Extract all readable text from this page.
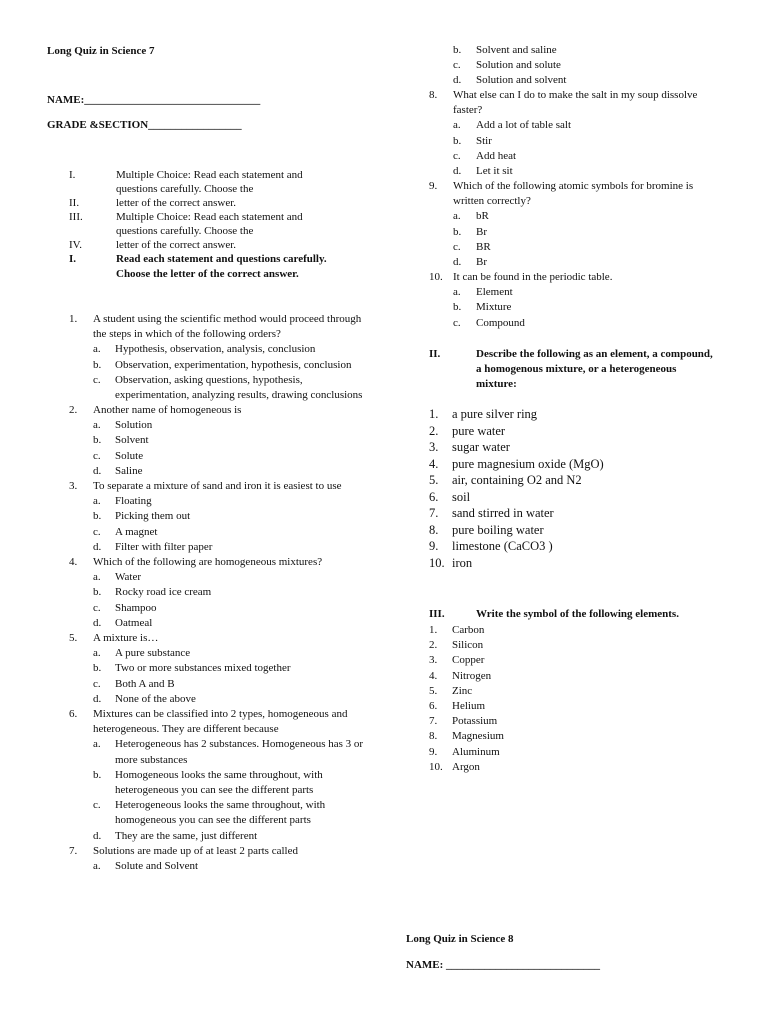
Long Quiz in Science 7
NAME:________________________________
GRADE &SECTION_________________
I.	Multiple Choice: Read each statement and
questions carefully. Choose the
II.	letter of the correct answer.
III.	Multiple Choice: Read each statement and
questions carefully. Choose the
IV.	letter of the correct answer.
I.	Read each statement and questions carefully. Choose the letter of the correct answer.
1. A student using the scientific method would proceed through the steps in which of the following orders?
a. Hypothesis, observation, analysis, conclusion
b. Observation, experimentation, hypothesis, conclusion
c. Observation, asking questions, hypothesis, experimentation, analyzing results, drawing conclusions
2. Another name of homogeneous is
a. Solution
b. Solvent
c. Solute
d. Saline
3. To separate a mixture of sand and iron it is easiest to use
a. Floating
b. Picking them out
c. A magnet
d. Filter with filter paper
4. Which of the following are homogeneous mixtures?
a. Water
b. Rocky road ice cream
c. Shampoo
d. Oatmeal
5. A mixture is…
a. A pure substance
b. Two or more substances mixed together
c. Both A and B
d. None of the above
6. Mixtures can be classified into 2 types, homogeneous and heterogeneous. They are different because
a. Heterogeneous has 2 substances. Homogeneous has 3 or more substances
b. Homogeneous looks the same throughout, with heterogeneous you can see the different parts
c. Heterogeneous looks the same throughout, with homogeneous you can see the different parts
d. They are the same, just different
7. Solutions are made up of at least 2 parts called
a. Solute and Solvent
b. Solvent and saline
c. Solution and solute
d. Solution and solvent
8. What else can I do to make the salt in my soup dissolve faster?
a. Add a lot of table salt
b. Stir
c. Add heat
d. Let it sit
9. Which of the following atomic symbols for bromine is written correctly?
a. bR
b. Br
c. BR
d. Br
10. It can be found in the periodic table.
a. Element
b. Mixture
c. Compound
II.	Describe the following as an element, a compound, a homogenous mixture, or a heterogeneous mixture:
1. a pure silver ring
2. pure water
3. sugar water
4. pure magnesium oxide (MgO)
5. air, containing O2 and N2
6. soil
7. sand stirred in water
8. pure boiling water
9. limestone (CaCO3 )
10. iron
III.	Write the symbol of the following elements.
1. Carbon
2. Silicon
3. Copper
4. Nitrogen
5. Zinc
6. Helium
7. Potassium
8. Magnesium
9. Aluminum
10. Argon
Long Quiz in Science 8
NAME: ____________________________
